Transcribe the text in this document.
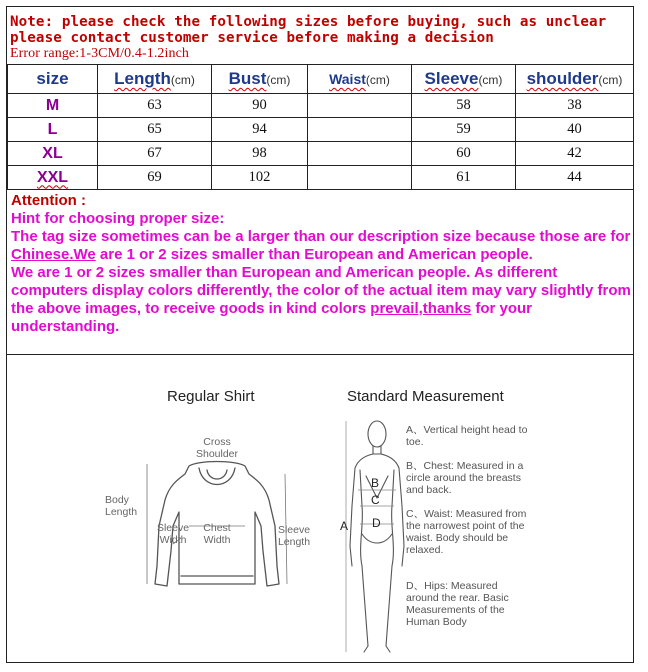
Note: please check the following sizes before buying, such as unclear
please contact customer service before making a decision
Error range:1-3CM/0.4-1.2inch
size	Length(cm)	Bust(cm)	Waist(cm)	Sleeve(cm)	shoulder(cm)
M	63	90		58	38
L	65	94		59	40
XL	67	98		60	42
XXL	69	102		61	44
Attention :
Hint for choosing proper size:
The tag size sometimes can be a larger than our description size because those are for Chinese.We are 1 or 2 sizes smaller than European and American people.
We are 1 or 2 sizes smaller than European and American people. As different computers display colors differently, the color of the actual item may vary slightly from the above images, to receive goods in kind colors prevail,thanks for your understanding.
Regular Shirt	Standard Measurement
Cross Shoulder
Body Length
Sleeve Width
Chest Width
Sleeve Length
A
B
C
D
A、Vertical height head to toe.
B、Chest: Measured in a circle around the breasts and back.
C、Waist: Measured from the narrowest point of the waist. Body should be relaxed.
D、Hips: Measured around the rear. Basic Measurements of the Human Body
